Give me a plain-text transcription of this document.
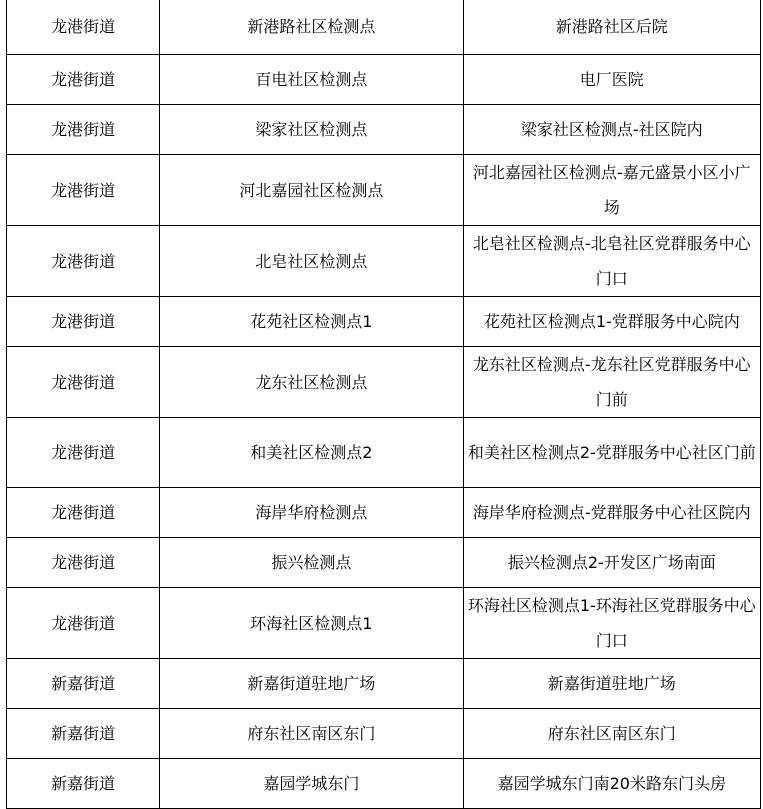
龙港街道	新港路社区检测点	新港路社区后院
龙港街道	百电社区检测点	电厂医院
龙港街道	梁家社区检测点	梁家社区检测点-社区院内
龙港街道	河北嘉园社区检测点	河北嘉园社区检测点-嘉元盛景小区小广场

龙港街道	北皂社区检测点	北皂社区检测点-北皂社区党群服务中心门口

龙港街道	花苑社区检测点1	花苑社区检测点1-党群服务中心院内
龙港街道	龙东社区检测点	龙东社区检测点-龙东社区党群服务中心门前

龙港街道	和美社区检测点2	和美社区检测点2-党群服务中心社区门前

龙港街道	海岸华府检测点	海岸华府检测点-党群服务中心社区院内

龙港街道	振兴检测点	振兴检测点2-开发区广场南面
龙港街道	环海社区检测点1	环海社区检测点1-环海社区党群服务中心门口

新嘉街道	新嘉街道驻地广场	新嘉街道驻地广场
新嘉街道	府东社区南区东门	府东社区南区东门
新嘉街道	嘉园学城东门	嘉园学城东门南20米路东门头房
